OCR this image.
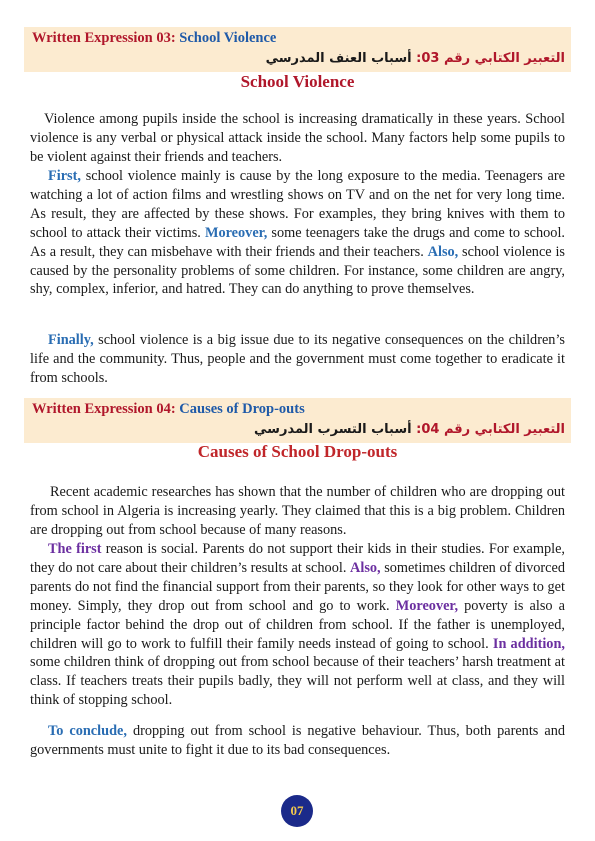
Written Expression 03: School Violence
التعبير الكتابي رقم 03: أسباب العنف المدرسي
School Violence

Violence among pupils inside the school is increasing dramatically in these years. School violence is any verbal or physical attack inside the school. Many factors help some pupils to be violent against their friends and teachers.

First, school violence mainly is cause by the long exposure to the media. Teenagers are watching a lot of action films and wrestling shows on TV and on the net for very long time. As result, they are affected by these shows. For examples, they bring knives with them to school to attack their victims. Moreover, some teenagers take the drugs and come to school. As a result, they can misbehave with their friends and their teachers. Also, school violence is caused by the personality problems of some children. For instance, some children are angry, shy, complex, inferior, and hatred. They can do anything to prove themselves.

Finally, school violence is a big issue due to its negative consequences on the children’s life and the community. Thus, people and the government must come together to eradicate it from schools.

Written Expression 04: Causes of Drop-outs
التعبير الكتابي رقم 04: أسباب التسرب المدرسي
Causes of School Drop-outs

Recent academic researches has shown that the number of children who are dropping out from school in Algeria is increasing yearly. They claimed that this is a big problem. Children are dropping out from school because of many reasons.

The first reason is social. Parents do not support their kids in their studies. For example, they do not care about their children’s results at school. Also, sometimes children of divorced parents do not find the financial support from their parents, so they look for other ways to get money. Simply, they drop out from school and go to work. Moreover, poverty is also a principle factor behind the drop out of children from school. If the father is unemployed, children will go to work to fulfill their family needs instead of going to school. In addition, some children think of dropping out from school because of their teachers’ harsh treatment at class. If teachers treats their pupils badly, they will not perform well at class, and they will think of stopping school.

To conclude, dropping out from school is negative behaviour. Thus, both parents and governments must unite to fight it due to its bad consequences.

07
